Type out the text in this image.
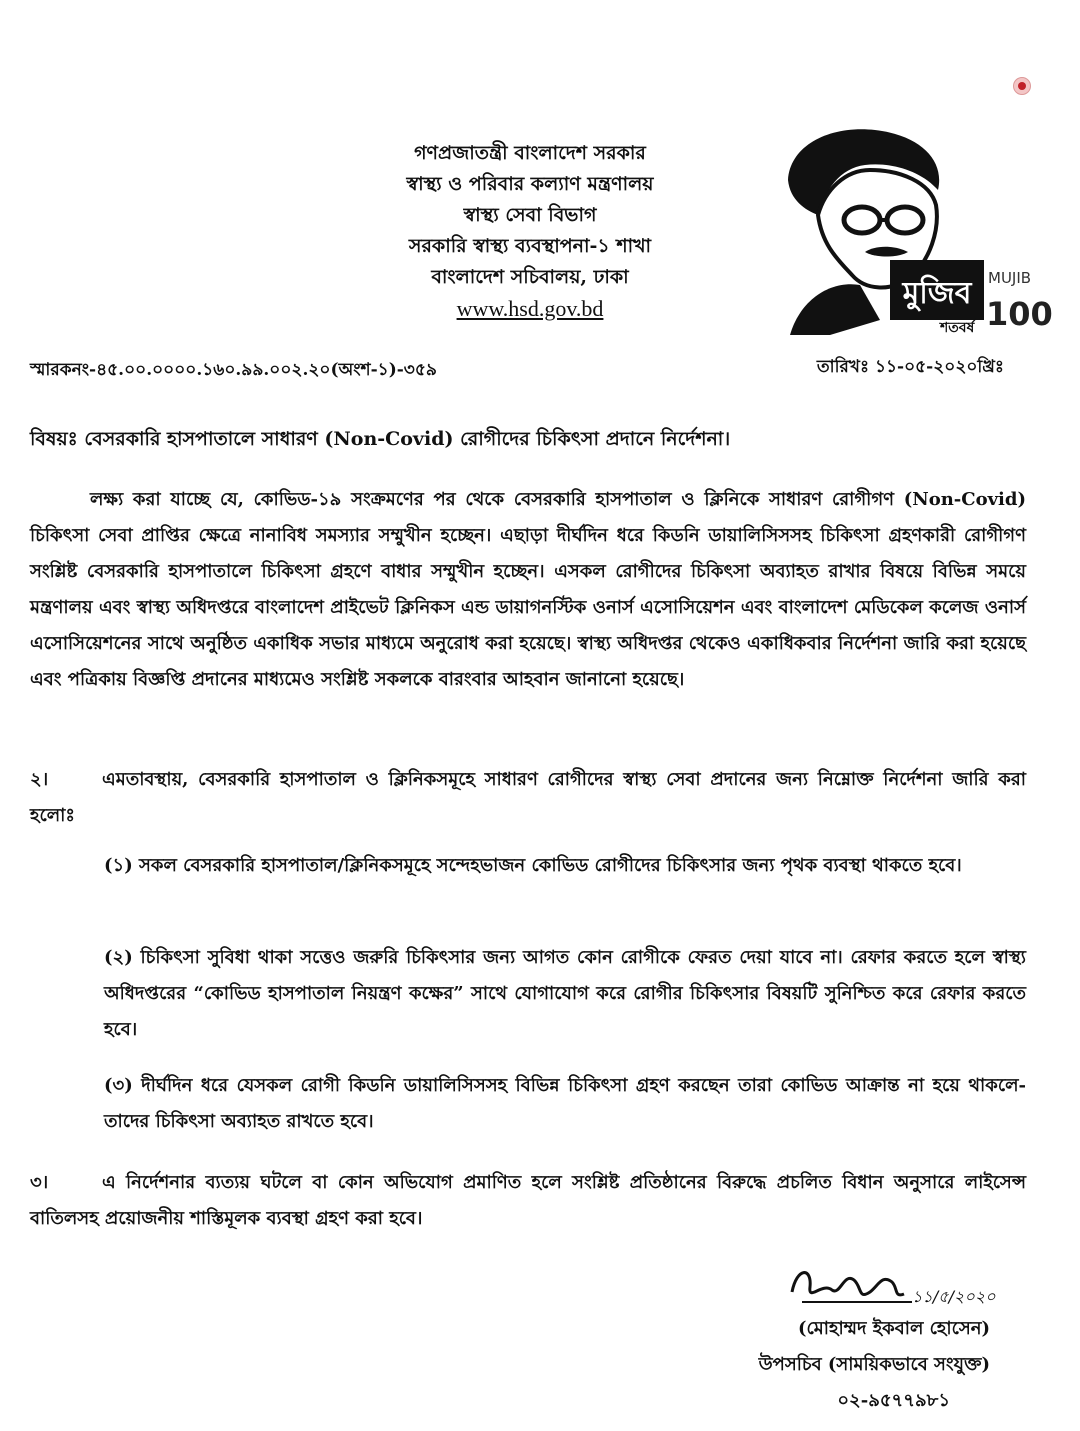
গণপ্রজাতন্ত্রী বাংলাদেশ সরকার
স্বাস্থ্য ও পরিবার কল্যাণ মন্ত্রণালয়
স্বাস্থ্য সেবা বিভাগ
সরকারি স্বাস্থ্য ব্যবস্থাপনা-১ শাখা
বাংলাদেশ সচিবালয়, ঢাকা
www.hsd.gov.bd	মুজিব MUJIB
শতবর্ষ 100
স্মারকনং-৪৫.০০.০০০০.১৬০.৯৯.০০২.২০(অংশ-১)-৩৫৯	তারিখঃ ১১-০৫-২০২০খ্রিঃ
বিষয়ঃ বেসরকারি হাসপাতালে সাধারণ (Non-Covid) রোগীদের চিকিৎসা প্রদানে নির্দেশনা।
লক্ষ্য করা যাচ্ছে যে, কোভিড-১৯ সংক্রমণের পর থেকে বেসরকারি হাসপাতাল ও ক্লিনিকে সাধারণ রোগীগণ (Non-Covid) চিকিৎসা সেবা প্রাপ্তির ক্ষেত্রে নানাবিধ সমস্যার সম্মুখীন হচ্ছেন। এছাড়া দীর্ঘদিন ধরে কিডনি ডায়ালিসিসসহ চিকিৎসা গ্রহণকারী রোগীগণ সংশ্লিষ্ট বেসরকারি হাসপাতালে চিকিৎসা গ্রহণে বাধার সম্মুখীন হচ্ছেন। এসকল রোগীদের চিকিৎসা অব্যাহত রাখার বিষয়ে বিভিন্ন সময়ে মন্ত্রণালয় এবং স্বাস্থ্য অধিদপ্তরে বাংলাদেশ প্রাইভেট ক্লিনিকস এন্ড ডায়াগনস্টিক ওনার্স এসোসিয়েশন এবং বাংলাদেশ মেডিকেল কলেজ ওনার্স এসোসিয়েশনের সাথে অনুষ্ঠিত একাধিক সভার মাধ্যমে অনুরোধ করা হয়েছে। স্বাস্থ্য অধিদপ্তর থেকেও একাধিকবার নির্দেশনা জারি করা হয়েছে এবং পত্রিকায় বিজ্ঞপ্তি প্রদানের মাধ্যমেও সংশ্লিষ্ট সকলকে বারংবার আহবান জানানো হয়েছে।
২।	এমতাবস্থায়, বেসরকারি হাসপাতাল ও ক্লিনিকসমূহে সাধারণ রোগীদের স্বাস্থ্য সেবা প্রদানের জন্য নিম্নোক্ত নির্দেশনা জারি করা হলোঃ
(১) সকল বেসরকারি হাসপাতাল/ক্লিনিকসমূহে সন্দেহভাজন কোভিড রোগীদের চিকিৎসার জন্য পৃথক ব্যবস্থা থাকতে হবে।
(২) চিকিৎসা সুবিধা থাকা সত্তেও জরুরি চিকিৎসার জন্য আগত কোন রোগীকে ফেরত দেয়া যাবে না। রেফার করতে হলে স্বাস্থ্য অধিদপ্তরের “কোভিড হাসপাতাল নিয়ন্ত্রণ কক্ষের” সাথে যোগাযোগ করে রোগীর চিকিৎসার বিষয়টি সুনিশ্চিত করে রেফার করতে হবে।
(৩) দীর্ঘদিন ধরে যেসকল রোগী কিডনি ডায়ালিসিসসহ বিভিন্ন চিকিৎসা গ্রহণ করছেন তারা কোভিড আক্রান্ত না হয়ে থাকলে- তাদের চিকিৎসা অব্যাহত রাখতে হবে।
৩।	এ নির্দেশনার ব্যত্যয় ঘটলে বা কোন অভিযোগ প্রমাণিত হলে সংশ্লিষ্ট প্রতিষ্ঠানের বিরুদ্ধে প্রচলিত বিধান অনুসারে লাইসেন্স বাতিলসহ প্রয়োজনীয় শাস্তিমূলক ব্যবস্থা গ্রহণ করা হবে।
১১/৫/২০২০
(মোহাম্মদ ইকবাল হোসেন)
উপসচিব (সাময়িকভাবে সংযুক্ত)
০২-৯৫৭৭৯৮১
